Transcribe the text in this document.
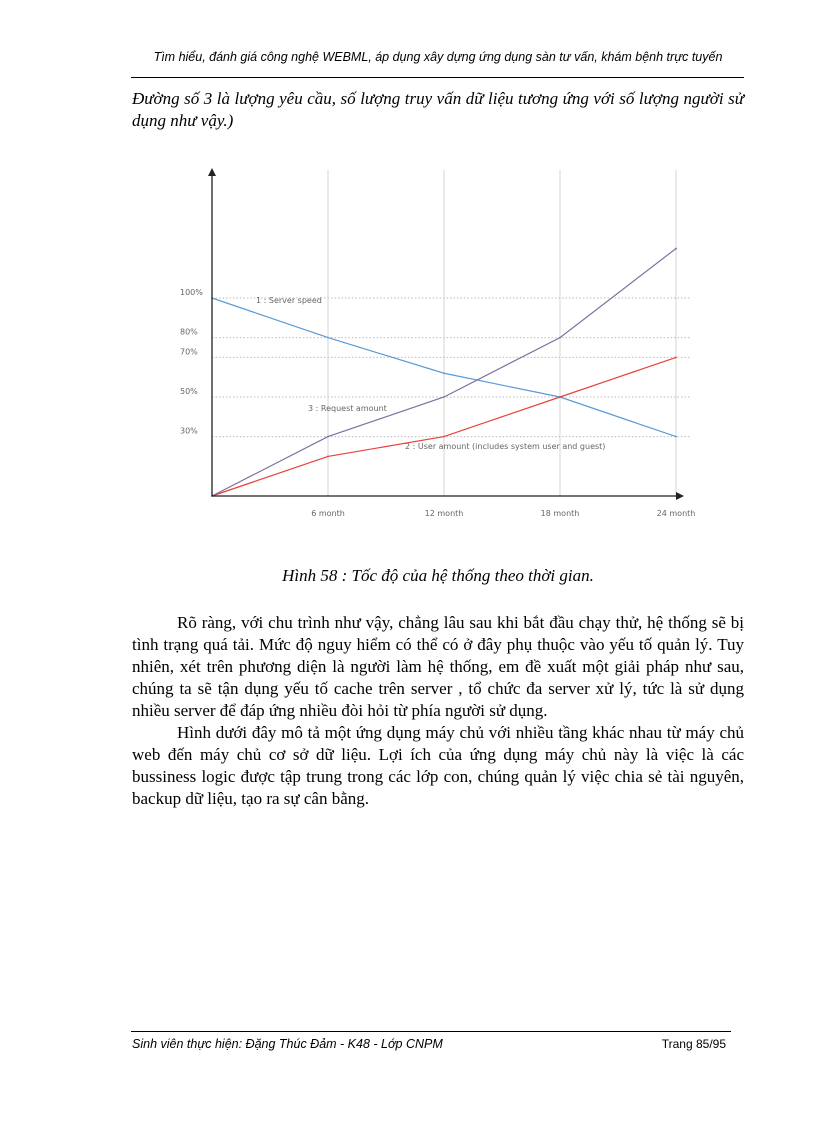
Tìm hiểu, đánh giá công nghệ WEBML, áp dụng xây dựng ứng dụng sàn tư vấn, khám bệnh trực tuyến
Đường số 3 là lượng yêu cầu, số lượng truy vấn dữ liệu tương ứng với số lượng người sử dụng như vậy.)
100%
80%
70%
50%
30%
6 month	12 month	18 month	24 month
1 : Server speed
2 : User amount (includes system user and guest)
3 : Request amount
Hình 58 : Tốc độ của hệ thống theo thời gian.

Rõ ràng, với chu trình như vậy, chẳng lâu sau khi bắt đầu chạy thử, hệ thống sẽ bị tình trạng quá tải. Mức độ nguy hiểm có thể có ở đây phụ thuộc vào yếu tố quản lý. Tuy nhiên, xét trên phương diện là người làm hệ thống, em đề xuất một giải pháp như sau, chúng ta sẽ tận dụng yếu tố cache trên server , tổ chức đa server xử lý, tức là sử dụng nhiều server để đáp ứng nhiều đòi hỏi từ phía người sử dụng.

Hình dưới đây mô tả một ứng dụng máy chủ với nhiều tầng khác nhau từ máy chủ web đến máy chủ cơ sở dữ liệu. Lợi ích của ứng dụng máy chủ này là việc là các bussiness logic được tập trung trong các lớp con, chúng quản lý việc chia sẻ tài nguyên, backup dữ liệu, tạo ra sự cân bằng.

Sinh viên thực hiện: Đặng Thúc Đảm - K48 - Lớp CNPM	Trang 85/95
